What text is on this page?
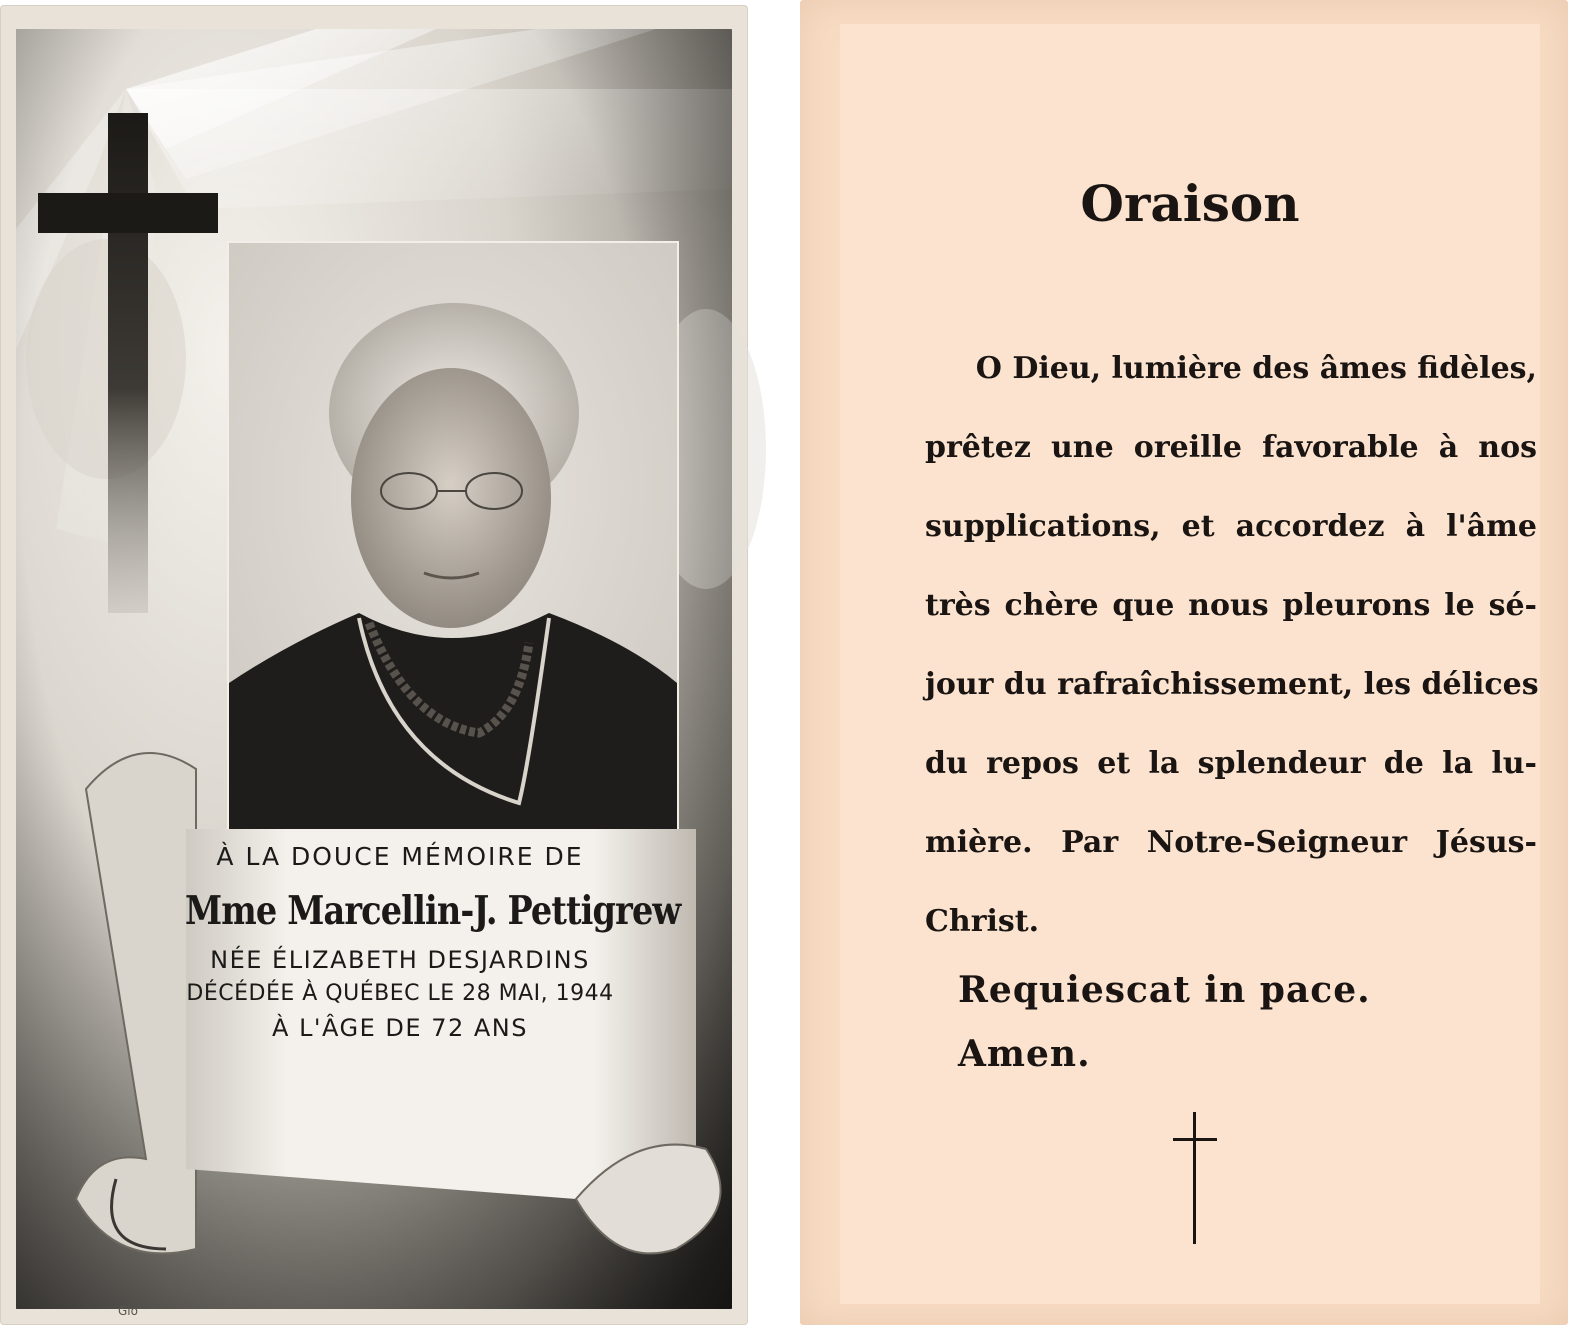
Gio

À LA DOUCE MÉMOIRE DE

Mme Marcellin-J. Pettigrew

NÉE ÉLIZABETH DESJARDINS

DÉCÉDÉE À QUÉBEC LE 28 MAI, 1944

À L'ÂGE DE 72 ANS

Oraison
O Dieu, lumière des âmes fidèles,
prêtez une oreille favorable à nos
supplications, et accordez à l'âme
très chère que nous pleurons le sé-
jour du rafraîchissement, les délices
du repos et la splendeur de la lu-
mière. Par Notre-Seigneur Jésus-
Christ.

Requiescat in pace.
Amen.
